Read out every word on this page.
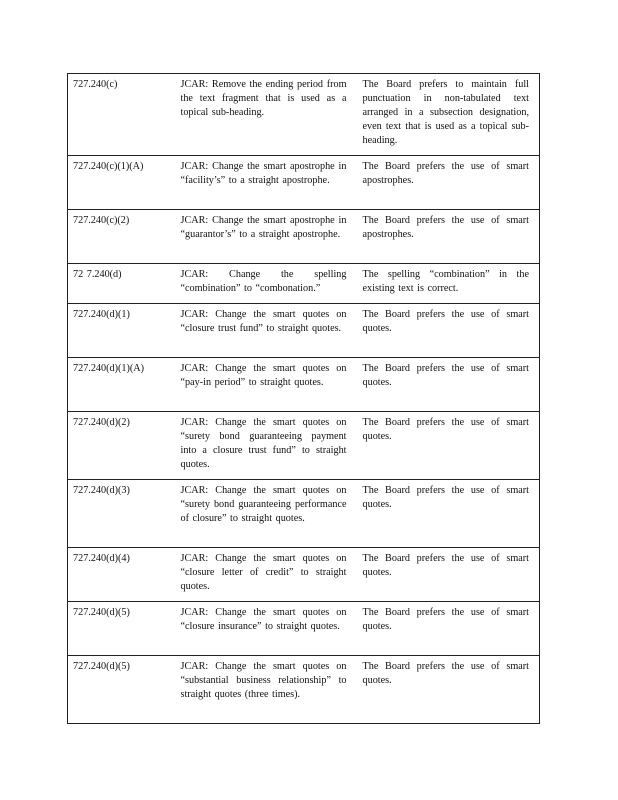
727.240(c)	JCAR: Remove the ending period from the text fragment that is used as a topical sub-heading.	The Board prefers to maintain full punctuation in non-tabulated text arranged in a subsection designation, even text that is used as a topical sub-heading.
727.240(c)(1)(A)	JCAR: Change the smart apostrophe in “facility’s” to a straight apostrophe.	The Board prefers the use of smart apostrophes.
727.240(c)(2)	JCAR: Change the smart apostrophe in “guarantor’s” to a straight apostrophe.	The Board prefers the use of smart apostrophes.
72 7.240(d)	JCAR: Change the spelling “combination” to “combonation.”	The spelling “combination” in the existing text is correct.
727.240(d)(1)	JCAR: Change the smart quotes on “closure trust fund” to straight quotes.	The Board prefers the use of smart quotes.
727.240(d)(1)(A)	JCAR: Change the smart quotes on “pay-in period” to straight quotes.	The Board prefers the use of smart quotes.
727.240(d)(2)	JCAR: Change the smart quotes on “surety bond guaranteeing payment into a closure trust fund” to straight quotes.	The Board prefers the use of smart quotes.
727.240(d)(3)	JCAR: Change the smart quotes on “surety bond guaranteeing performance of closure” to straight quotes.	The Board prefers the use of smart quotes.
727.240(d)(4)	JCAR: Change the smart quotes on “closure letter of credit” to straight quotes.	The Board prefers the use of smart quotes.
727.240(d)(5)	JCAR: Change the smart quotes on “closure insurance” to straight quotes.	The Board prefers the use of smart quotes.
727.240(d)(5)	JCAR: Change the smart quotes on “substantial business relationship” to straight quotes (three times).	The Board prefers the use of smart quotes.
